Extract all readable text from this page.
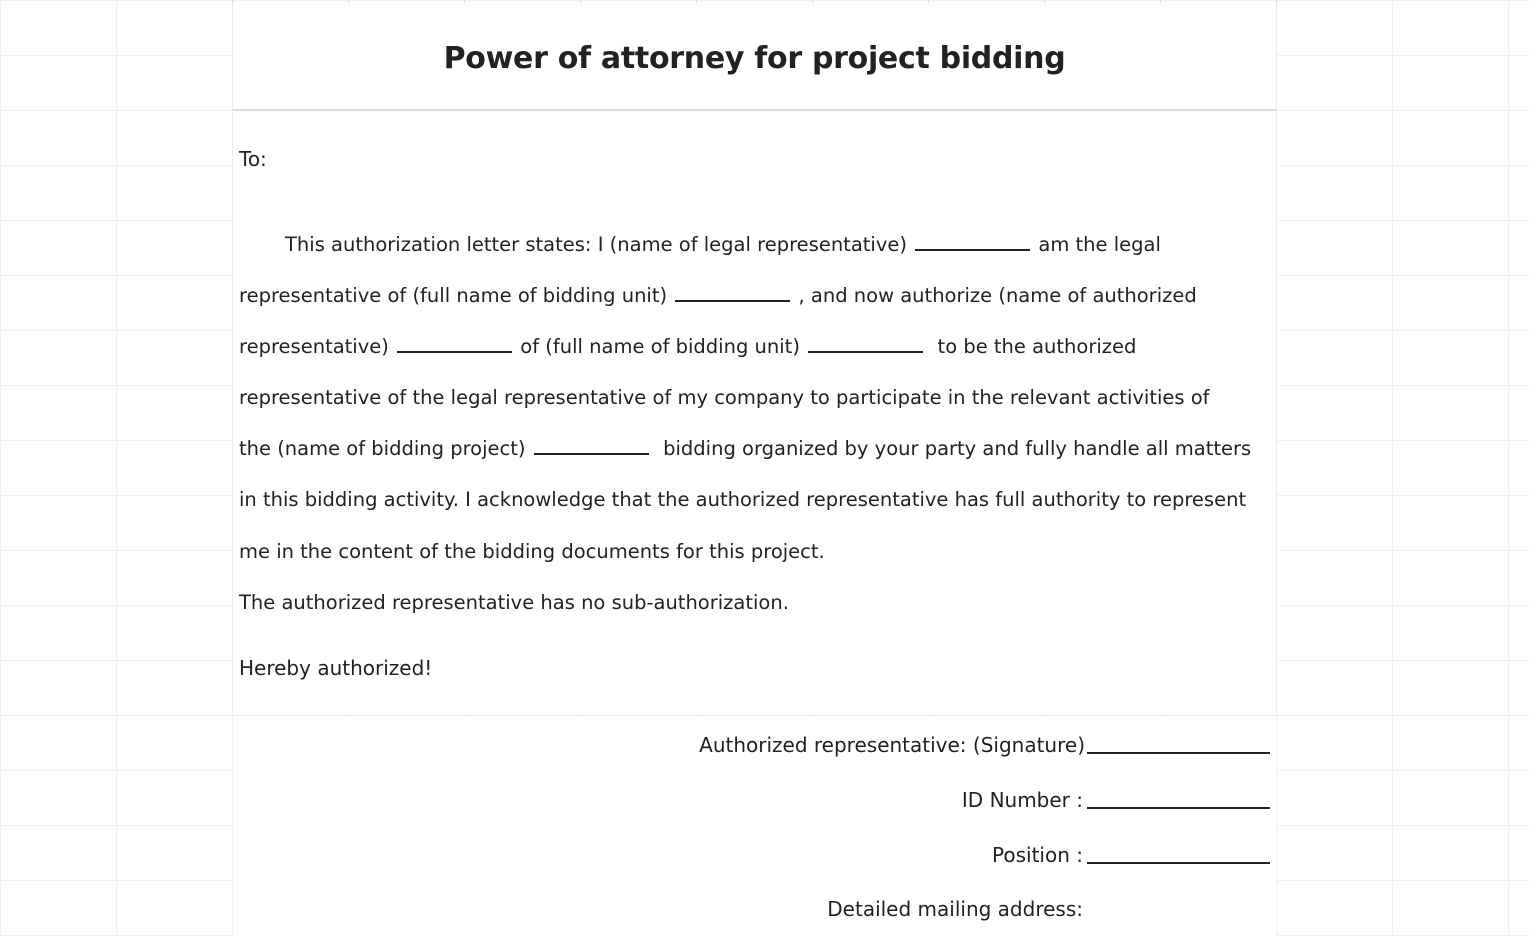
Power of attorney for project bidding
To:
This authorization letter states: I (name of legal representative)	am the legal
representative of (full name of bidding unit)	, and now authorize (name of authorized
representative)	of (full name of bidding unit)	to be the authorized
representative of the legal representative of my company to participate in the relevant activities of
the (name of bidding project)	bidding organized by your party and fully handle all matters
in this bidding activity. I acknowledge that the authorized representative has full authority to represent
me in the content of the bidding documents for this project.
The authorized representative has no sub-authorization.
Hereby authorized!
Authorized representative: (Signature)
ID Number :
Position :
Detailed mailing address:
